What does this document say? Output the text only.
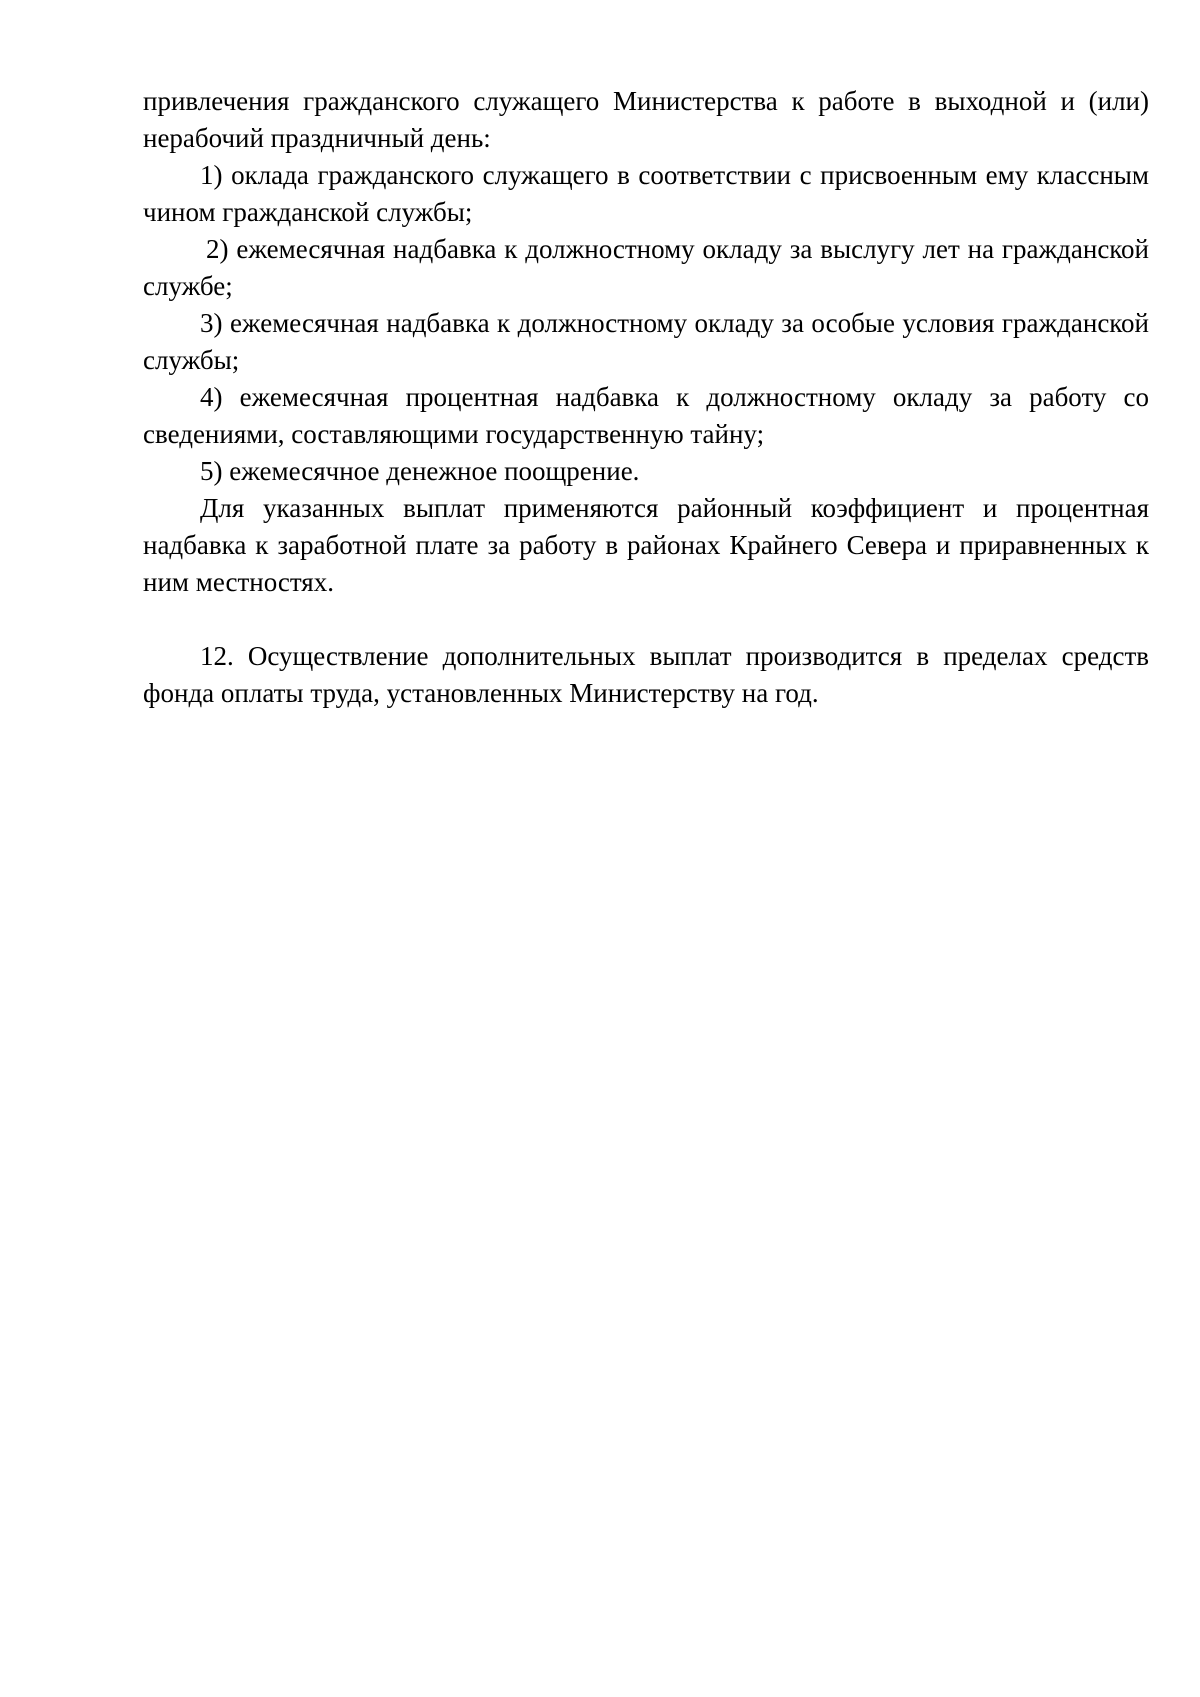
привлечения гражданского служащего Министерства к работе в выходной и (или) нерабочий праздничный день:

1) оклада гражданского служащего в соответствии с присвоенным ему классным чином гражданской службы;

2) ежемесячная надбавка к должностному окладу за выслугу лет на гражданской службе;

3) ежемесячная надбавка к должностному окладу за особые условия гражданской службы;

4) ежемесячная процентная надбавка к должностному окладу за работу со сведениями, составляющими государственную тайну;

5) ежемесячное денежное поощрение.

Для указанных выплат применяются районный коэффициент и процентная надбавка к заработной плате за работу в районах Крайнего Севера и приравненных к ним местностях.

12. Осуществление дополнительных выплат производится в пределах средств фонда оплаты труда, установленных Министерству на год.
